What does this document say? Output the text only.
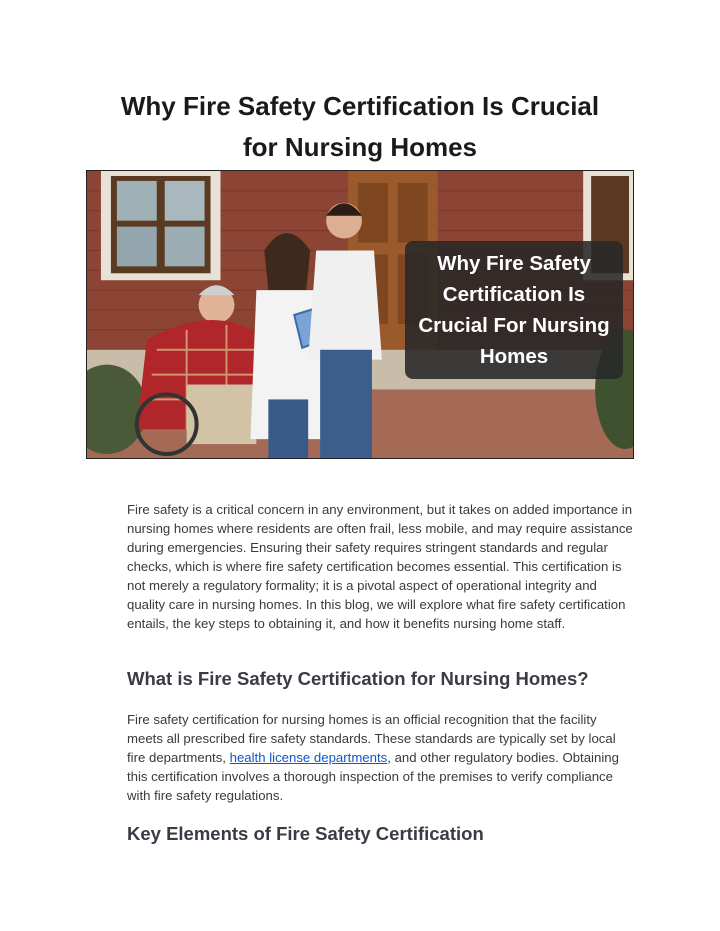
Why Fire Safety Certification Is Crucial for Nursing Homes
Why Fire Safety Certification Is Crucial For Nursing Homes

Fire safety is a critical concern in any environment, but it takes on added importance in nursing homes where residents are often frail, less mobile, and may require assistance during emergencies. Ensuring their safety requires stringent standards and regular checks, which is where fire safety certification becomes essential. This certification is not merely a regulatory formality; it is a pivotal aspect of operational integrity and quality care in nursing homes. In this blog, we will explore what fire safety certification entails, the key steps to obtaining it, and how it benefits nursing home staff.

What is Fire Safety Certification for Nursing Homes?

Fire safety certification for nursing homes is an official recognition that the facility meets all prescribed fire safety standards. These standards are typically set by local fire departments, health license departments, and other regulatory bodies. Obtaining this certification involves a thorough inspection of the premises to verify compliance with fire safety regulations.

Key Elements of Fire Safety Certification
